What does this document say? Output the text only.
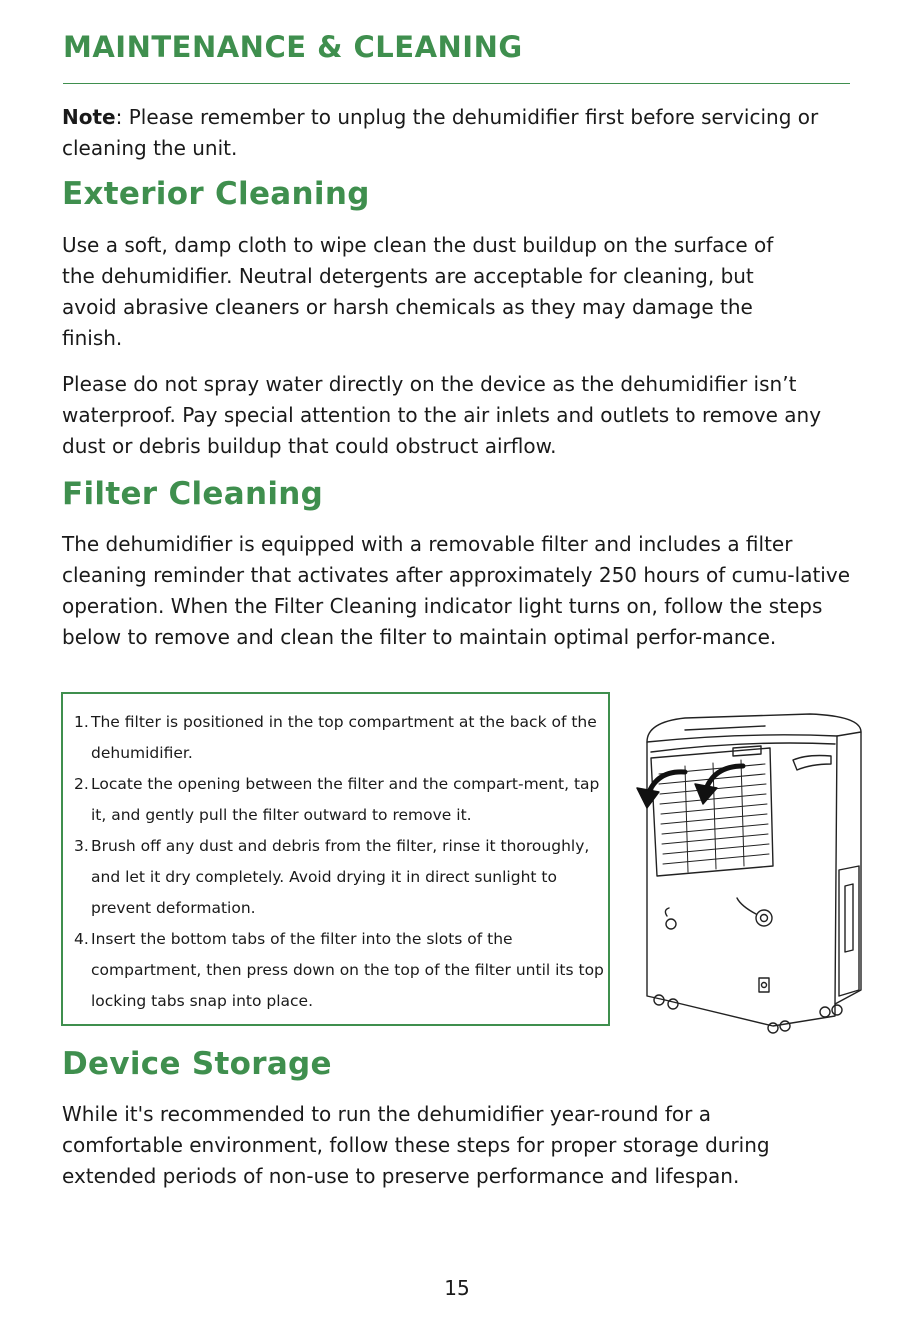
MAINTENANCE & CLEANING
Note: Please remember to unplug the dehumidifier first before servicing or cleaning the unit.
Exterior Cleaning

Use a soft, damp cloth to wipe clean the dust buildup on the surface of the dehumidifier. Neutral detergents are acceptable for cleaning, but avoid abrasive cleaners or harsh chemicals as they may damage the finish.

Please do not spray water directly on the device as the dehumidifier isn’t waterproof. Pay special attention to the air inlets and outlets to remove any dust or debris buildup that could obstruct airflow.

Filter Cleaning

The dehumidifier is equipped with a removable filter and includes a filter cleaning reminder that activates after approximately 250 hours of cumu-lative operation. When the Filter Cleaning indicator light turns on, follow the steps below to remove and clean the filter to maintain optimal perfor-mance.

1. The filter is positioned in the top compartment at the back of the dehumidifier.
2. Locate the opening between the filter and the compart-ment, tap it, and gently pull the filter outward to remove it.
3. Brush off any dust and debris from the filter, rinse it thoroughly, and let it dry completely. Avoid drying it in direct sunlight to prevent deformation.
4. Insert the bottom tabs of the filter into the slots of the compartment, then press down on the top of the filter until its top locking tabs snap into place.
Device Storage

While it's recommended to run the dehumidifier year-round for a comfortable environment, follow these steps for proper storage during extended periods of non-use to preserve performance and lifespan.

15
